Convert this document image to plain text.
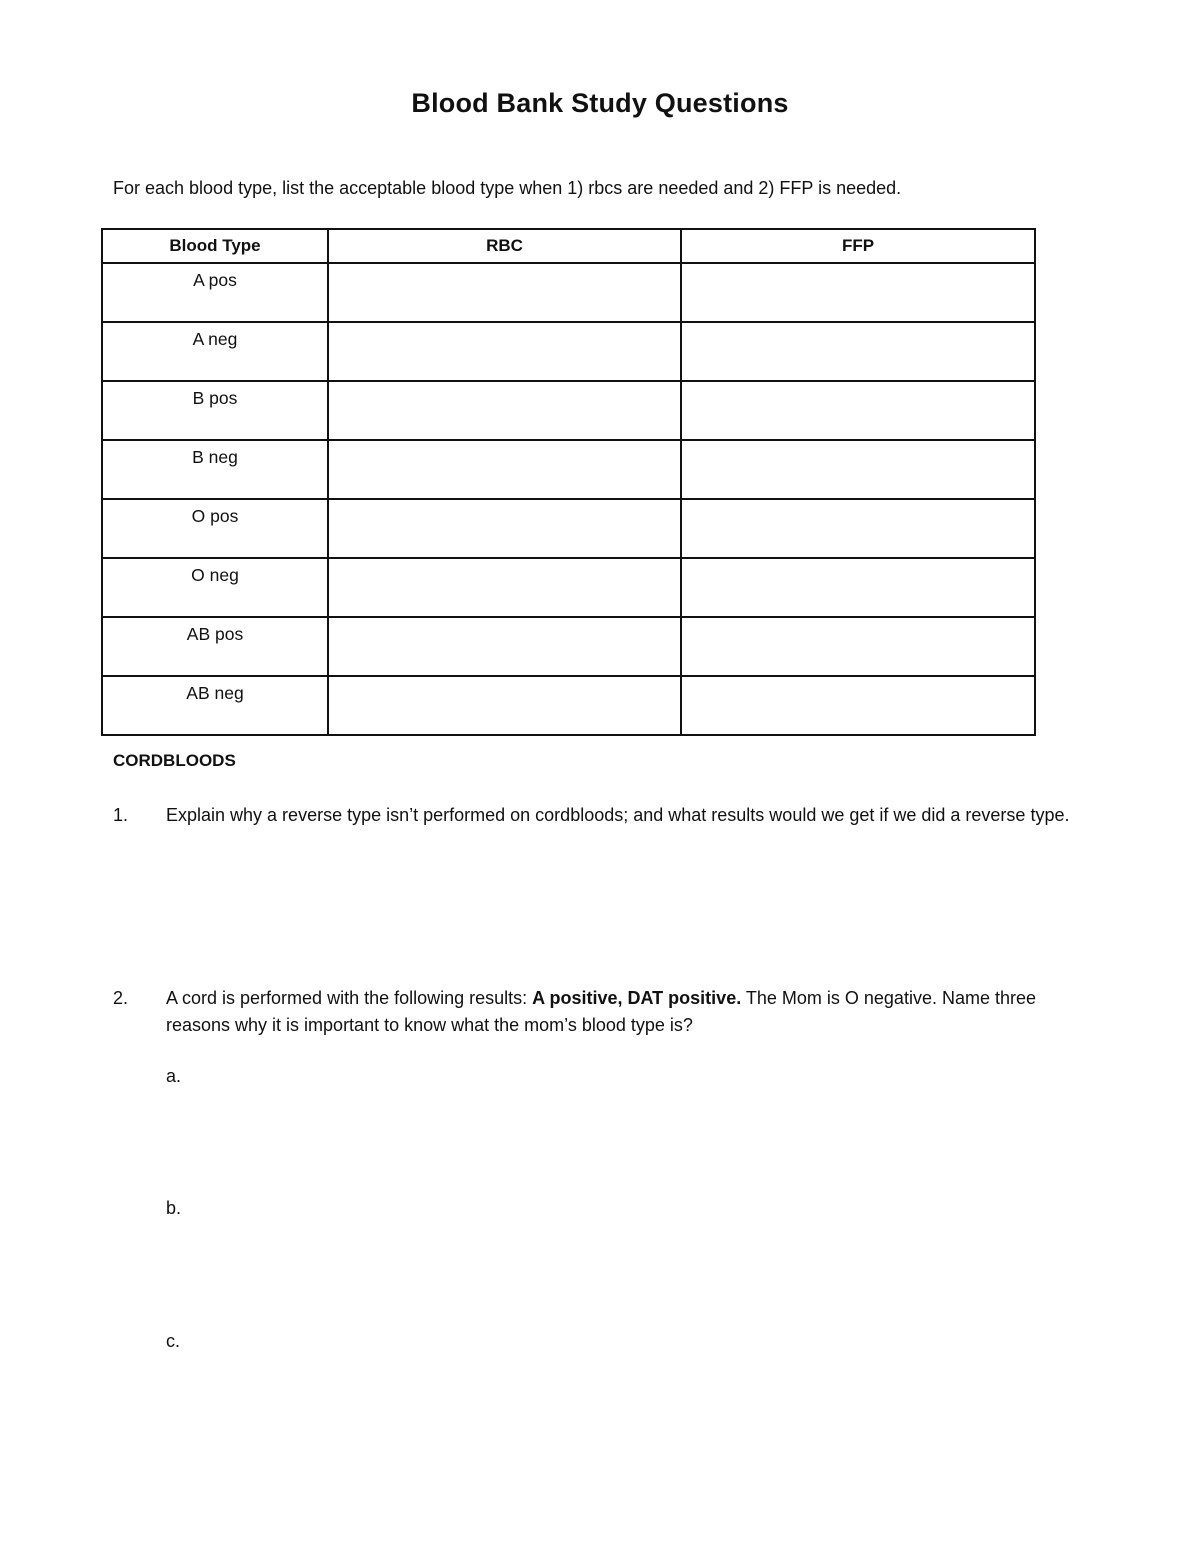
Blood Bank Study Questions
For each blood type, list the acceptable blood type when 1) rbcs are needed and 2) FFP is needed.
Blood Type	RBC	FFP
A pos		
A neg		
B pos		
B neg		
O pos		
O neg		
AB pos		
AB neg		
CORDBLOODS
1. Explain why a reverse type isn’t performed on cordbloods; and what results would we get if we did a reverse type.
2. A cord is performed with the following results: A positive, DAT positive. The Mom is O negative. Name three reasons why it is important to know what the mom’s blood type is?
a.
b.
c.
